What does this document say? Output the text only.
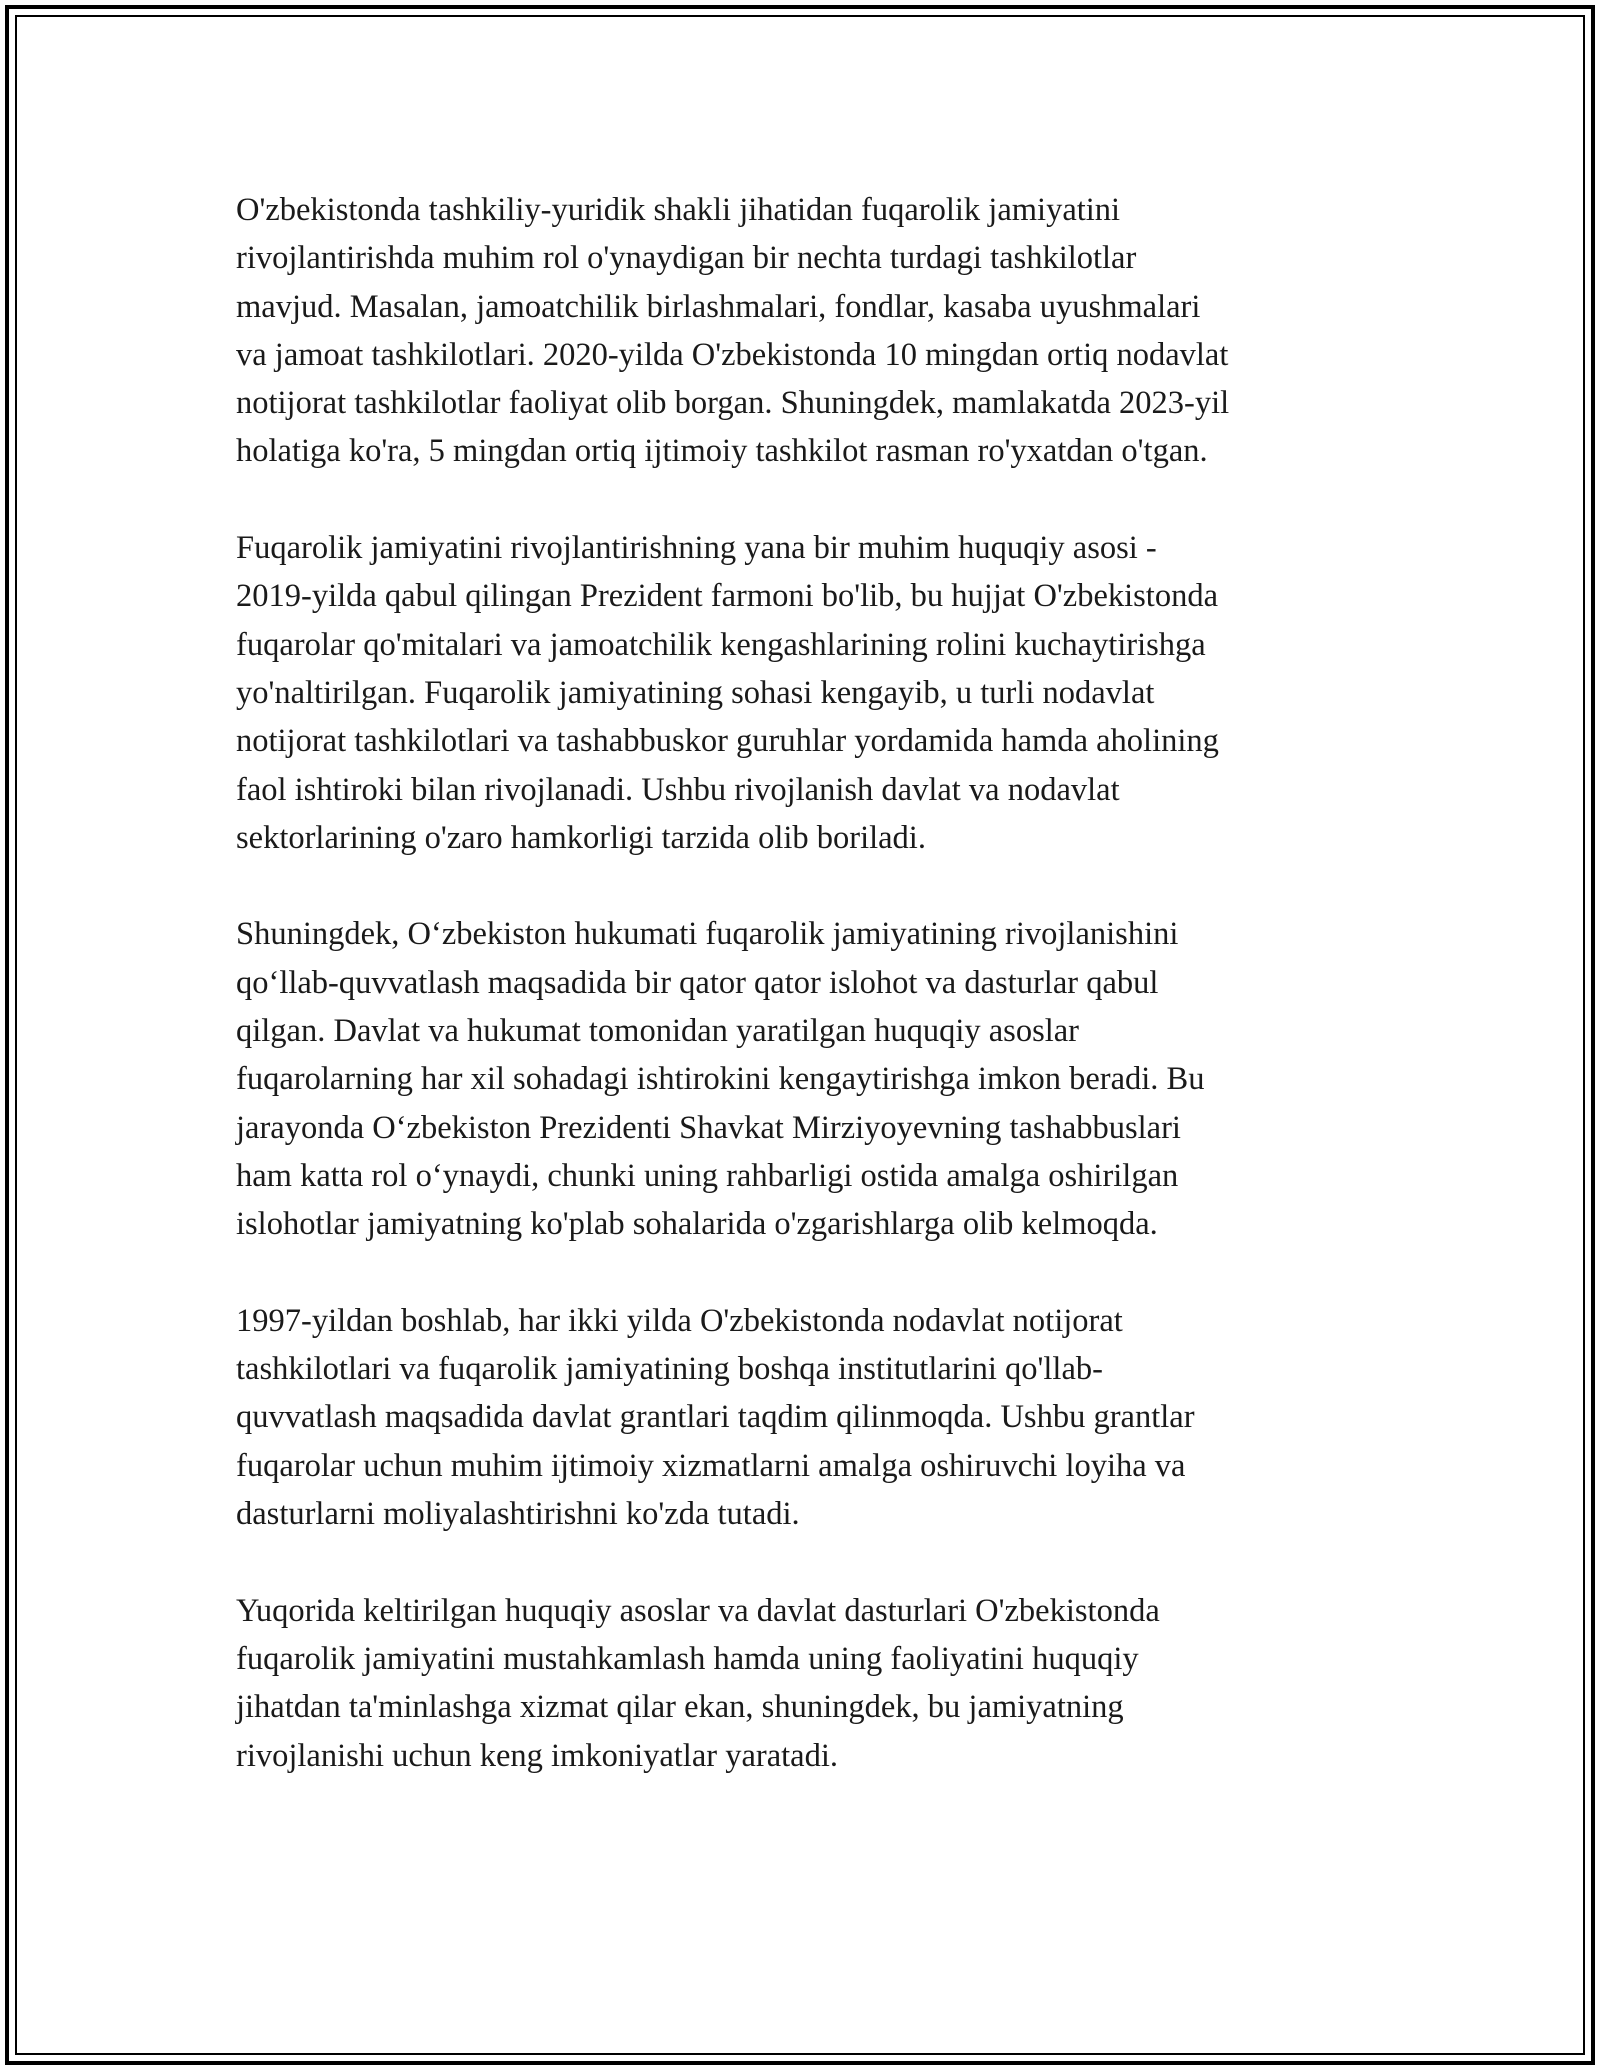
O'zbekistonda tashkiliy-yuridik shakli jihatidan fuqarolik jamiyatini
rivojlantirishda muhim rol o'ynaydigan bir nechta turdagi tashkilotlar
mavjud. Masalan, jamoatchilik birlashmalari, fondlar, kasaba uyushmalari
va jamoat tashkilotlari. 2020-yilda O'zbekistonda 10 mingdan ortiq nodavlat
notijorat tashkilotlar faoliyat olib borgan. Shuningdek, mamlakatda 2023-yil
holatiga ko'ra, 5 mingdan ortiq ijtimoiy tashkilot rasman ro'yxatdan o'tgan.

Fuqarolik jamiyatini rivojlantirishning yana bir muhim huquqiy asosi -
2019-yilda qabul qilingan Prezident farmoni bo'lib, bu hujjat O'zbekistonda
fuqarolar qo'mitalari va jamoatchilik kengashlarining rolini kuchaytirishga
yo'naltirilgan. Fuqarolik jamiyatining sohasi kengayib, u turli nodavlat
notijorat tashkilotlari va tashabbuskor guruhlar yordamida hamda aholining
faol ishtiroki bilan rivojlanadi. Ushbu rivojlanish davlat va nodavlat
sektorlarining o'zaro hamkorligi tarzida olib boriladi.

Shuningdek, Oʻzbekiston hukumati fuqarolik jamiyatining rivojlanishini
qoʻllab-quvvatlash maqsadida bir qator qator islohot va dasturlar qabul
qilgan. Davlat va hukumat tomonidan yaratilgan huquqiy asoslar
fuqarolarning har xil sohadagi ishtirokini kengaytirishga imkon beradi. Bu
jarayonda Oʻzbekiston Prezidenti Shavkat Mirziyoyevning tashabbuslari
ham katta rol oʻynaydi, chunki uning rahbarligi ostida amalga oshirilgan
islohotlar jamiyatning ko'plab sohalarida o'zgarishlarga olib kelmoqda.

1997-yildan boshlab, har ikki yilda O'zbekistonda nodavlat notijorat
tashkilotlari va fuqarolik jamiyatining boshqa institutlarini qo'llab-
quvvatlash maqsadida davlat grantlari taqdim qilinmoqda. Ushbu grantlar
fuqarolar uchun muhim ijtimoiy xizmatlarni amalga oshiruvchi loyiha va
dasturlarni moliyalashtirishni ko'zda tutadi.

Yuqorida keltirilgan huquqiy asoslar va davlat dasturlari O'zbekistonda
fuqarolik jamiyatini mustahkamlash hamda uning faoliyatini huquqiy
jihatdan ta'minlashga xizmat qilar ekan, shuningdek, bu jamiyatning
rivojlanishi uchun keng imkoniyatlar yaratadi.
